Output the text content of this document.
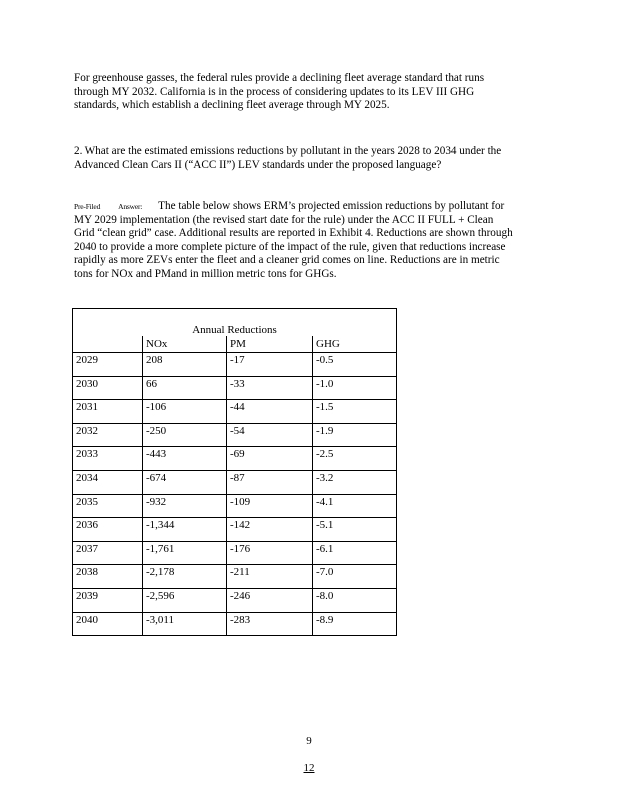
For greenhouse gasses, the federal rules provide a declining fleet average standard that runs through MY 2032. California is in the process of considering updates to its LEV III GHG standards, which establish a declining fleet average through MY 2025.

2. What are the estimated emissions reductions by pollutant in the years 2028 to 2034 under the Advanced Clean Cars II (“ACC II”) LEV standards under the proposed language?

Pre-Filed Answer: The table below shows ERM’s projected emission reductions by pollutant for MY 2029 implementation (the revised start date for the rule) under the ACC II FULL + Clean Grid “clean grid” case. Additional results are reported in Exhibit 4. Reductions are shown through 2040 to provide a more complete picture of the impact of the rule, given that reductions increase rapidly as more ZEVs enter the fleet and a cleaner grid comes on line. Reductions are in metric tons for NOx and PMand in million metric tons for GHGs.

Annual Reductions			
	NOx	PM	GHG

2029	208	-17	-0.5

2030	66	-33	-1.0

2031	-106	-44	-1.5

2032	-250	-54	-1.9

2033	-443	-69	-2.5

2034	-674	-87	-3.2

2035	-932	-109	-4.1

2036	-1,344	-142	-5.1

2037	-1,761	-176	-6.1

2038	-2,178	-211	-7.0

2039	-2,596	-246	-8.0

2040	-3,011	-283	-8.9
9
12
